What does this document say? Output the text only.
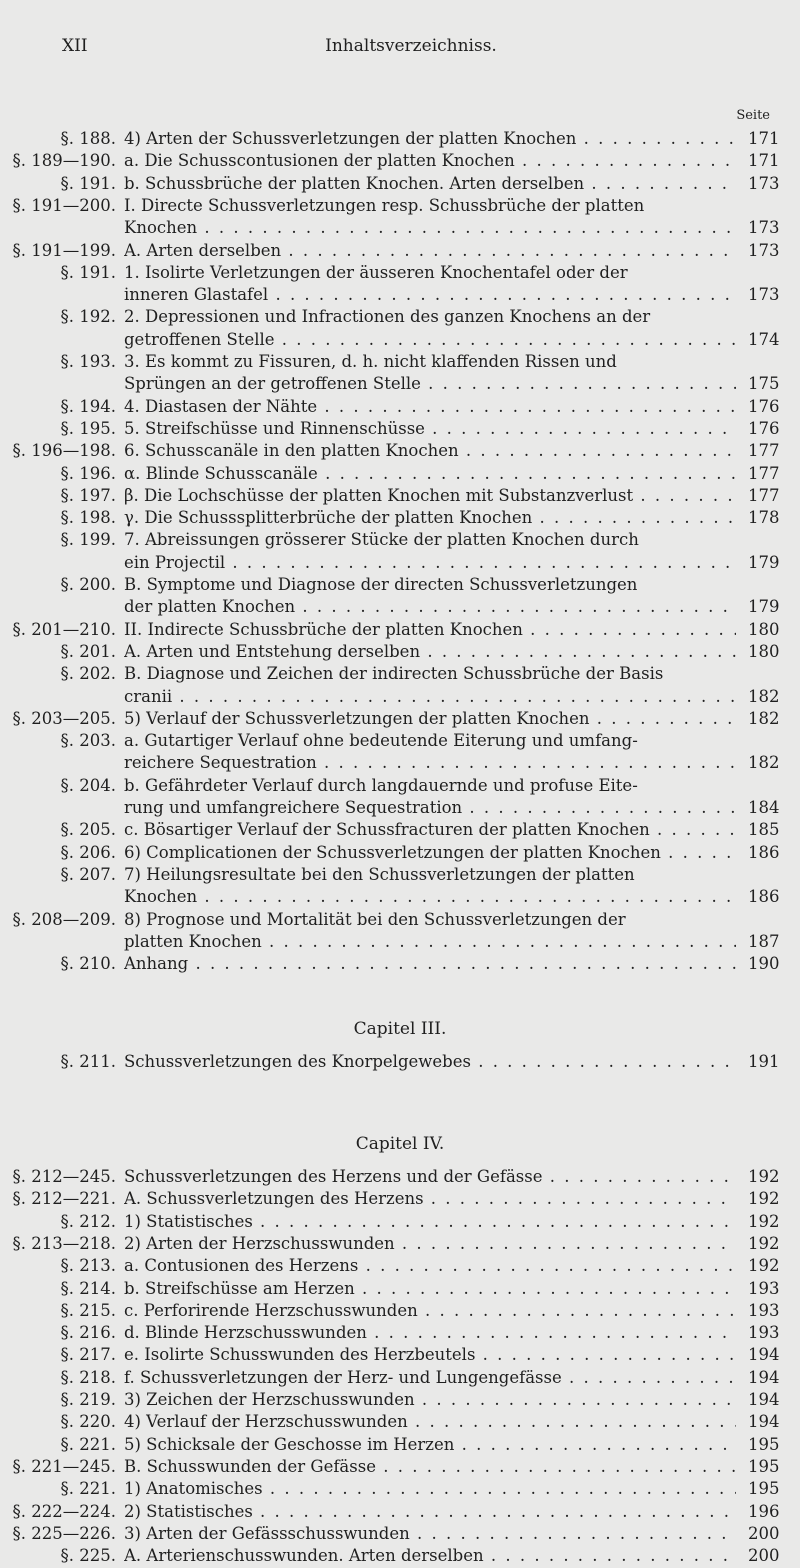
XII	Inhaltsverzeichniss.
Seite
§. 188. 4) Arten der Schussverletzungen der platten Knochen . . .	171
§. 189—190. a. Die Schusscontusionen der platten Knochen . . .	171
§. 191. b. Schussbrüche der platten Knochen. Arten derselben . . .	173
§. 191—200. I. Directe Schussverletzungen resp. Schussbrüche der platten
Knochen . . .	173
§. 191—199. A. Arten derselben . . .	173
§. 191. 1. Isolirte Verletzungen der äusseren Knochentafel oder der
inneren Glastafel . . .	173
§. 192. 2. Depressionen und Infractionen des ganzen Knochens an der
getroffenen Stelle . . .	174
§. 193. 3. Es kommt zu Fissuren, d. h. nicht klaffenden Rissen und
Sprüngen an der getroffenen Stelle . . .	175
§. 194. 4. Diastasen der Nähte . . .	176
§. 195. 5. Streifschüsse und Rinnenschüsse . . .	176
§. 196—198. 6. Schusscanäle in den platten Knochen . . .	177
§. 196. α. Blinde Schusscanäle . . .	177
§. 197. β. Die Lochschüsse der platten Knochen mit Substanzverlust . . .	177
§. 198. γ. Die Schusssplitterbrüche der platten Knochen . . .	178
§. 199. 7. Abreissungen grösserer Stücke der platten Knochen durch
ein Projectil . . .	179
§. 200. B. Symptome und Diagnose der directen Schussverletzungen
der platten Knochen . . .	179
§. 201—210. II. Indirecte Schussbrüche der platten Knochen . . .	180
§. 201. A. Arten und Entstehung derselben . . .	180
§. 202. B. Diagnose und Zeichen der indirecten Schussbrüche der Basis
cranii . . .	182
§. 203—205. 5) Verlauf der Schussverletzungen der platten Knochen . . .	182
§. 203. a. Gutartiger Verlauf ohne bedeutende Eiterung und umfang-
reichere Sequestration . . .	182
§. 204. b. Gefährdeter Verlauf durch langdauernde und profuse Eite-
rung und umfangreichere Sequestration . . .	184
§. 205. c. Bösartiger Verlauf der Schussfracturen der platten Knochen . . .	185
§. 206. 6) Complicationen der Schussverletzungen der platten Knochen . . .	186
§. 207. 7) Heilungsresultate bei den Schussverletzungen der platten
Knochen . . .	186
§. 208—209. 8) Prognose und Mortalität bei den Schussverletzungen der
platten Knochen . . .	187
§. 210. Anhang . . .	190
Capitel III.
§. 211. Schussverletzungen des Knorpelgewebes . . .	191
Capitel IV.
§. 212—245. Schussverletzungen des Herzens und der Gefässe . . .	192
§. 212—221. A. Schussverletzungen des Herzens . . .	192
§. 212. 1) Statistisches . . .	192
§. 213—218. 2) Arten der Herzschusswunden . . .	192
§. 213. a. Contusionen des Herzens . . .	192
§. 214. b. Streifschüsse am Herzen . . .	193
§. 215. c. Perforirende Herzschusswunden . . .	193
§. 216. d. Blinde Herzschusswunden . . .	193
§. 217. e. Isolirte Schusswunden des Herzbeutels . . .	194
§. 218. f. Schussverletzungen der Herz- und Lungengefässe . . .	194
§. 219. 3) Zeichen der Herzschusswunden . . .	194
§. 220. 4) Verlauf der Herzschusswunden . . .	194
§. 221. 5) Schicksale der Geschosse im Herzen . . .	195
§. 221—245. B. Schusswunden der Gefässe . . .	195
§. 221. 1) Anatomisches . . .	195
§. 222—224. 2) Statistisches . . .	196
§. 225—226. 3) Arten der Gefässschusswunden . . .	200
§. 225. A. Arterienschusswunden. Arten derselben . . .	200
